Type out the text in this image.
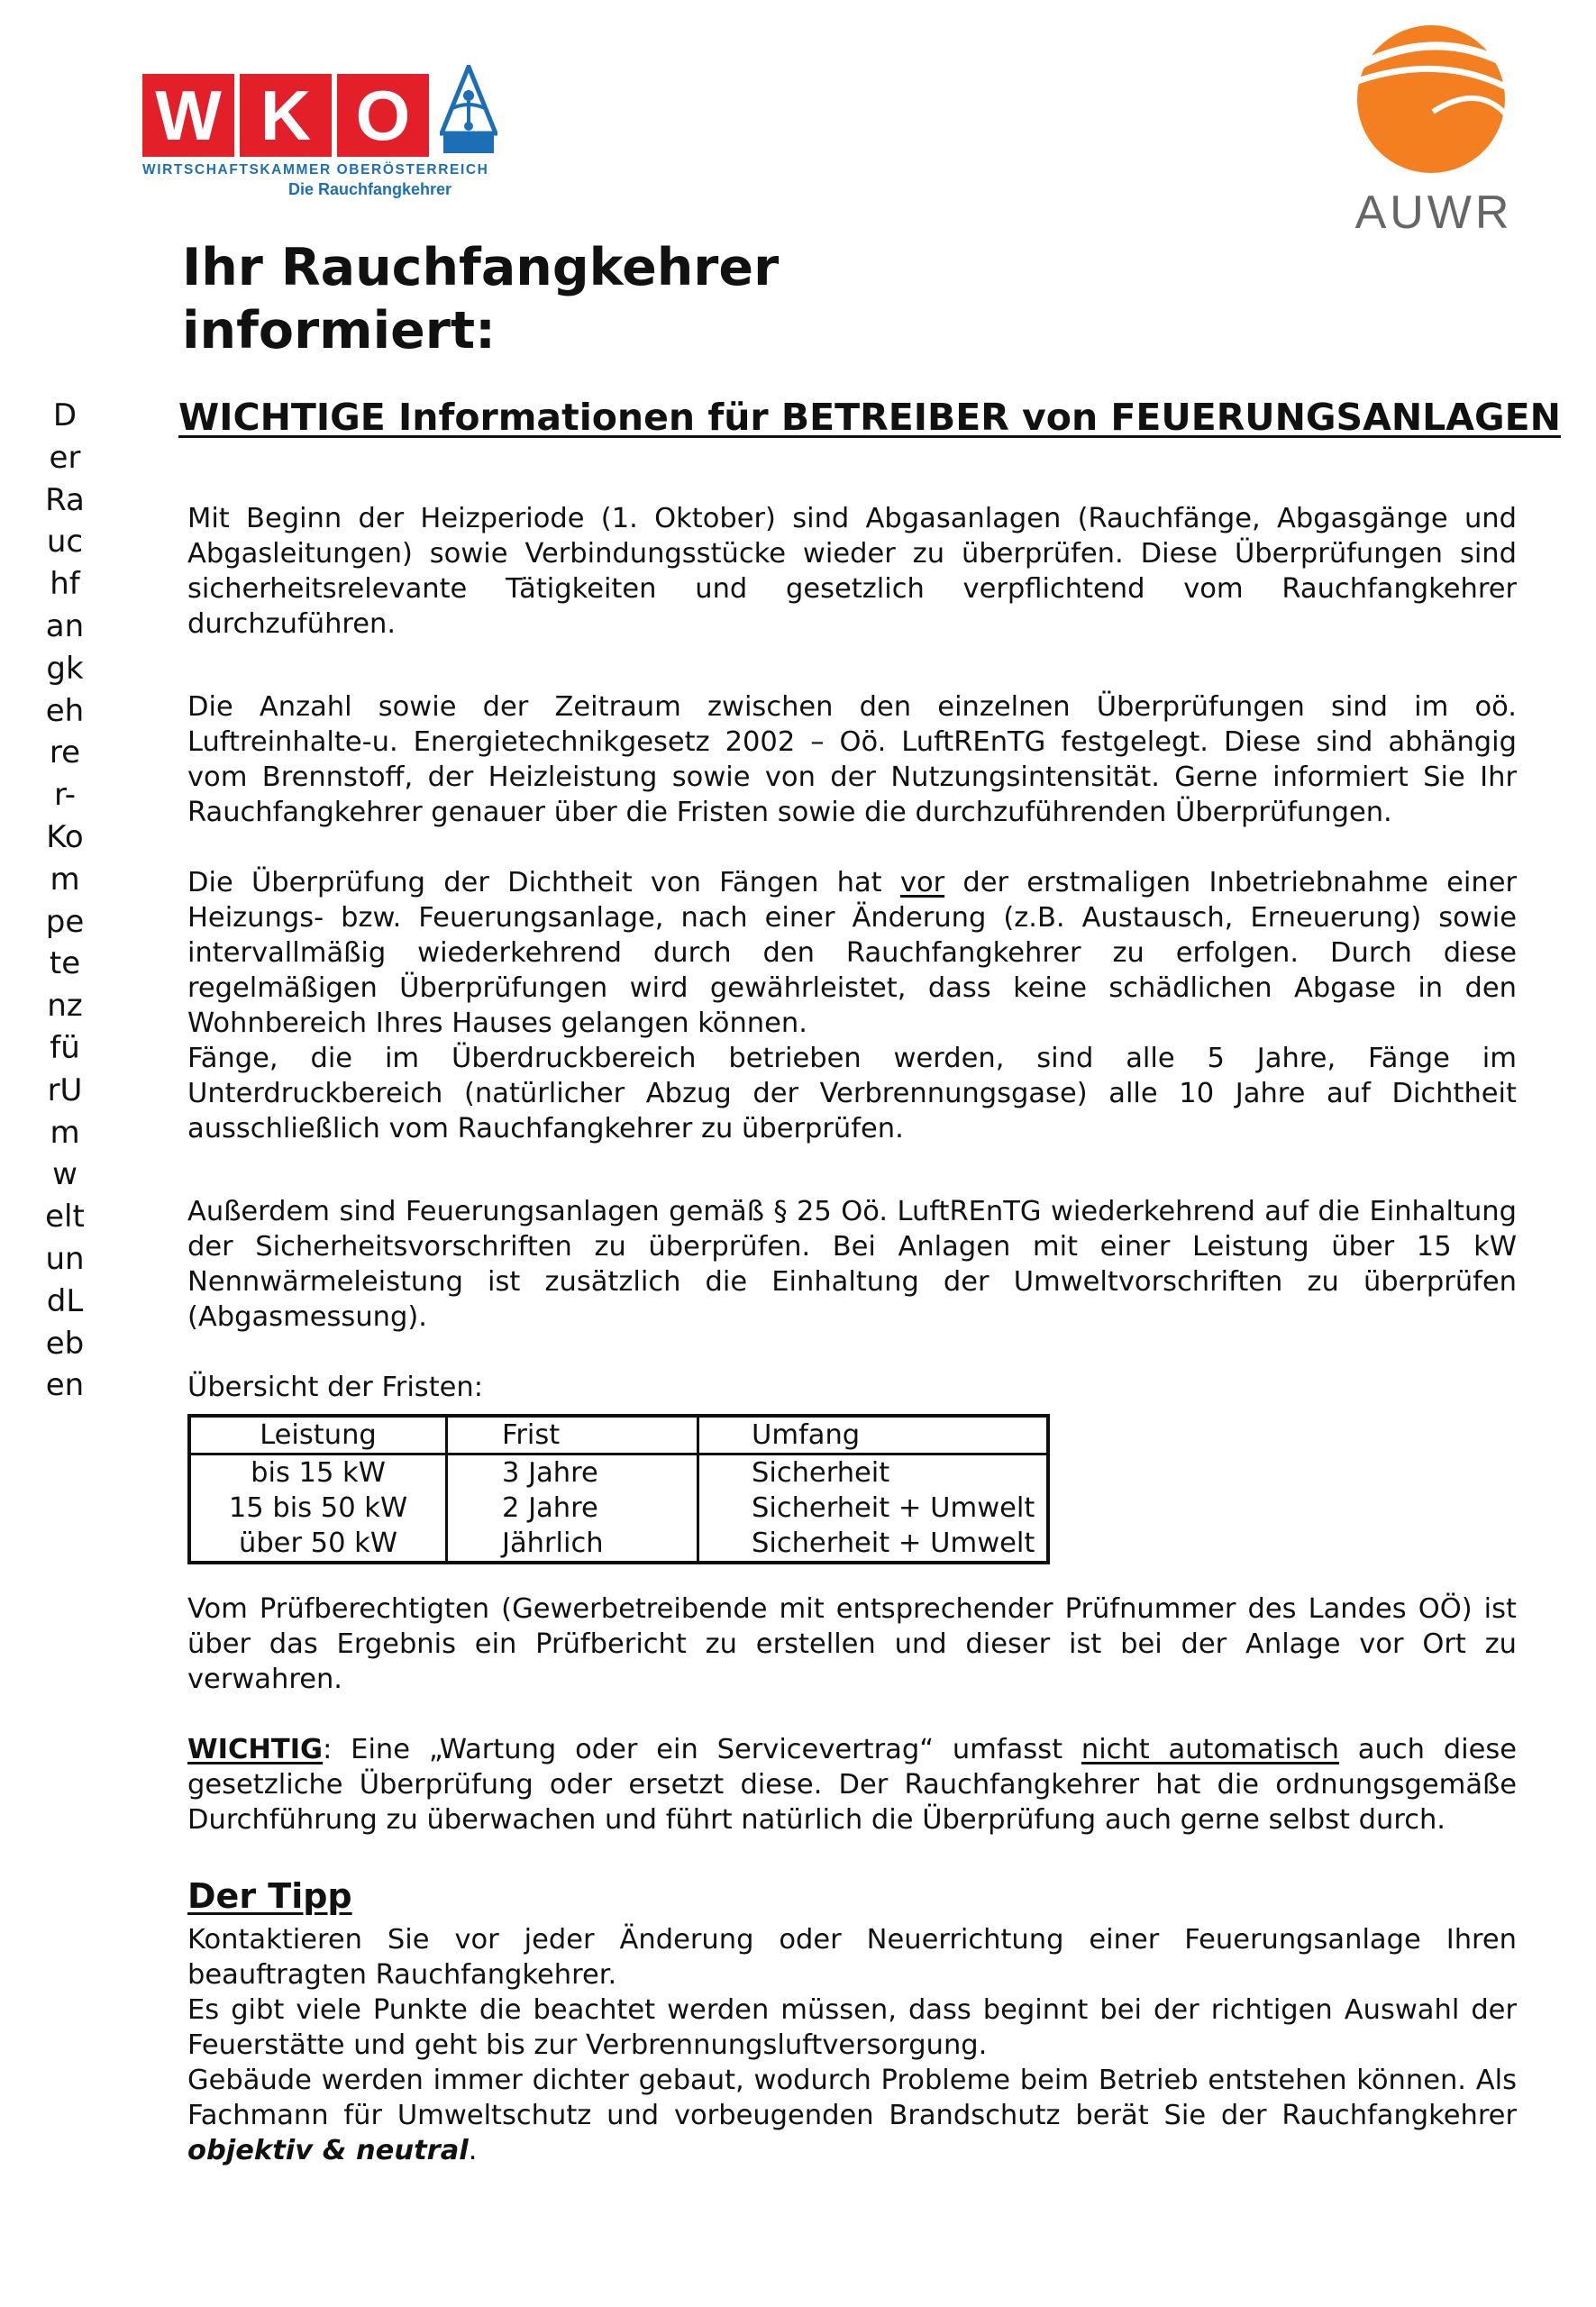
W K O
WIRTSCHAFTSKAMMER OBERÖSTERREICH
Die Rauchfangkehrer	AUWR
DerRauchfangkehrer-KompetenzfürUmweltundLeben
Ihr Rauchfangkehrer
informiert:
WICHTIGE Informationen für BETREIBER von FEUERUNGSANLAGEN

Mit Beginn der Heizperiode (1. Oktober) sind Abgasanlagen (Rauchfänge, Abgasgänge und Abgasleitungen) sowie Verbindungsstücke wieder zu überprüfen. Diese Überprüfungen sind sicherheitsrelevante Tätigkeiten und gesetzlich verpflichtend vom Rauchfangkehrer durchzuführen.

Die Anzahl sowie der Zeitraum zwischen den einzelnen Überprüfungen sind im oö. Luftreinhalte-u. Energietechnikgesetz 2002 – Oö. LuftREnTG festgelegt. Diese sind abhängig vom Brennstoff, der Heizleistung sowie von der Nutzungsintensität. Gerne informiert Sie Ihr Rauchfangkehrer genauer über die Fristen sowie die durchzuführenden Überprüfungen.

Die Überprüfung der Dichtheit von Fängen hat vor der erstmaligen Inbetriebnahme einer Heizungs- bzw. Feuerungsanlage, nach einer Änderung (z.B. Austausch, Erneuerung) sowie intervallmäßig wiederkehrend durch den Rauchfangkehrer zu erfolgen. Durch diese regelmäßigen Überprüfungen wird gewährleistet, dass keine schädlichen Abgase in den Wohnbereich Ihres Hauses gelangen können.

Fänge, die im Überdruckbereich betrieben werden, sind alle 5 Jahre, Fänge im Unterdruckbereich (natürlicher Abzug der Verbrennungsgase) alle 10 Jahre auf Dichtheit ausschließlich vom Rauchfangkehrer zu überprüfen.

Außerdem sind Feuerungsanlagen gemäß § 25 Oö. LuftREnTG wiederkehrend auf die Einhaltung der Sicherheitsvorschriften zu überprüfen. Bei Anlagen mit einer Leistung über 15 kW Nennwärmeleistung ist zusätzlich die Einhaltung der Umweltvorschriften zu überprüfen (Abgasmessung).

Übersicht der Fristen:

Leistung	Frist	Umfang
bis 15 kW	3 Jahre	Sicherheit
15 bis 50 kW	2 Jahre	Sicherheit + Umwelt
über 50 kW	Jährlich	Sicherheit + Umwelt

Vom Prüfberechtigten (Gewerbetreibende mit entsprechender Prüfnummer des Landes OÖ) ist über das Ergebnis ein Prüfbericht zu erstellen und dieser ist bei der Anlage vor Ort zu verwahren.

WICHTIG: Eine „Wartung oder ein Servicevertrag“ umfasst nicht automatisch auch diese gesetzliche Überprüfung oder ersetzt diese. Der Rauchfangkehrer hat die ordnungsgemäße Durchführung zu überwachen und führt natürlich die Überprüfung auch gerne selbst durch.

Der Tipp

Kontaktieren Sie vor jeder Änderung oder Neuerrichtung einer Feuerungsanlage Ihren beauftragten Rauchfangkehrer.

Es gibt viele Punkte die beachtet werden müssen, dass beginnt bei der richtigen Auswahl der Feuerstätte und geht bis zur Verbrennungsluftversorgung.

Gebäude werden immer dichter gebaut, wodurch Probleme beim Betrieb entstehen können. Als Fachmann für Umweltschutz und vorbeugenden Brandschutz berät Sie der Rauchfangkehrer objektiv & neutral.
